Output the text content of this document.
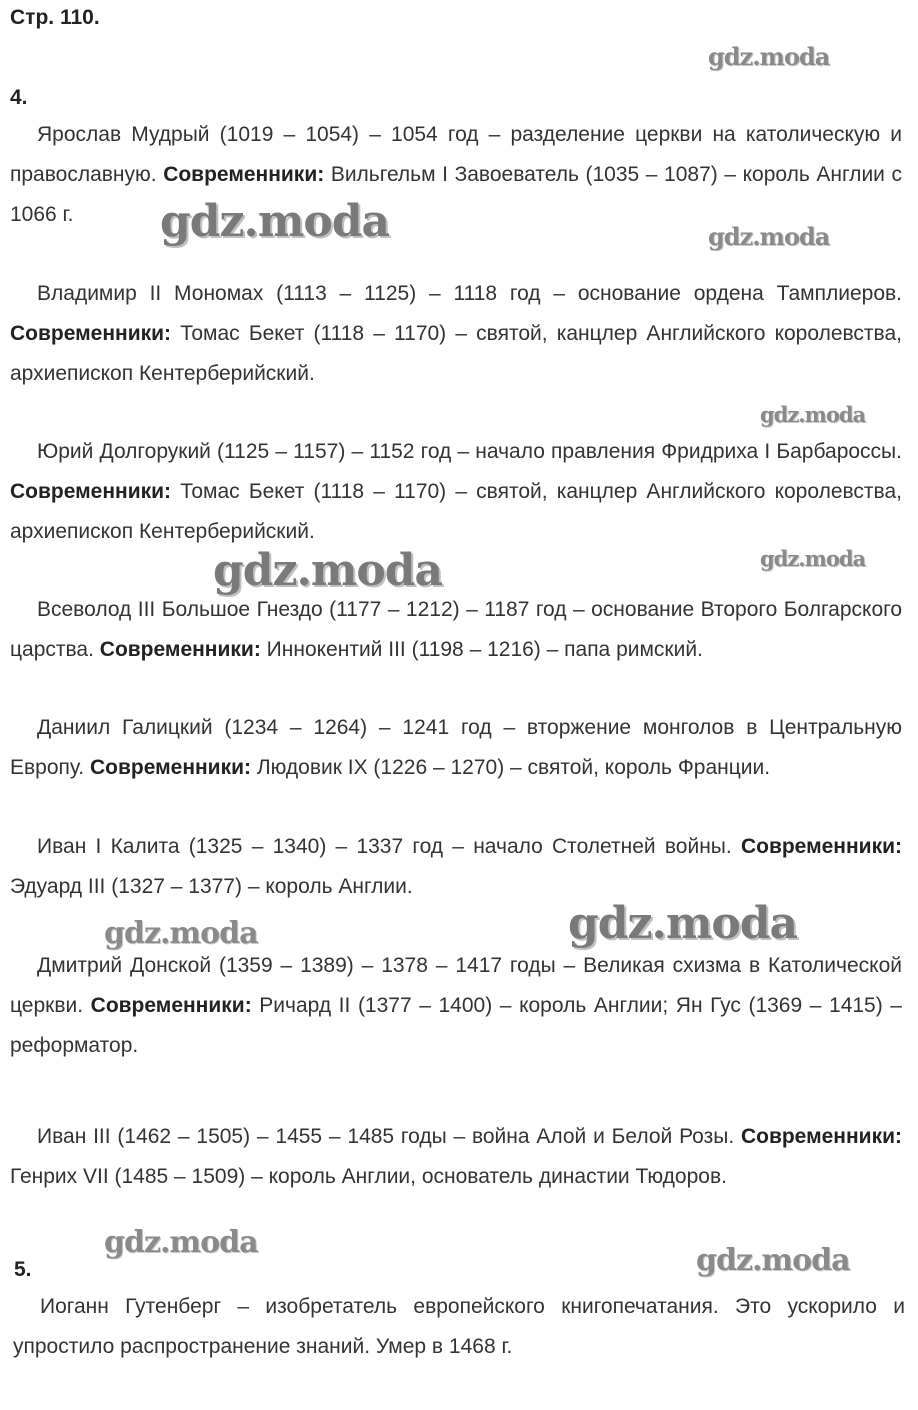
Стр. 110.
4.

Ярослав Мудрый (1019 – 1054) – 1054 год – разделение церкви на католическую и православную. Современники: Вильгельм I Завоеватель (1035 – 1087) – король Англии с 1066 г.

Владимир II Мономах (1113 – 1125) – 1118 год – основание ордена Тамплиеров. Современники: Томас Бекет (1118 – 1170) – святой, канцлер Английского королевства, архиепископ Кентерберийский.

Юрий Долгорукий (1125 – 1157) – 1152 год – начало правления Фридриха I Барбароссы. Современники: Томас Бекет (1118 – 1170) – святой, канцлер Английского королевства, архиепископ Кентерберийский.

Всеволод III Большое Гнездо (1177 – 1212) – 1187 год – основание Второго Болгарского царства. Современники: Иннокентий III (1198 – 1216) – папа римский.

Даниил Галицкий (1234 – 1264) – 1241 год – вторжение монголов в Центральную Европу. Современники: Людовик IX (1226 – 1270) – святой, король Франции.

Иван I Калита (1325 – 1340) – 1337 год – начало Столетней войны. Современники: Эдуард III (1327 – 1377) – король Англии.

Дмитрий Донской (1359 – 1389) – 1378 – 1417 годы – Великая схизма в Католической церкви. Современники: Ричард II (1377 – 1400) – король Англии; Ян Гус (1369 – 1415) – реформатор.

Иван III (1462 – 1505) – 1455 – 1485 годы – война Алой и Белой Розы. Современники: Генрих VII (1485 – 1509) – король Англии, основатель династии Тюдоров.

5.

Иоганн Гутенберг – изобретатель европейского книгопечатания. Это ускорило и упростило распространение знаний. Умер в 1468 г.

gdz.moda
gdz.moda	gdz.moda
gdz.moda
gdz.moda	gdz.moda
gdz.moda	gdz.moda
gdz.moda
gdz.moda
